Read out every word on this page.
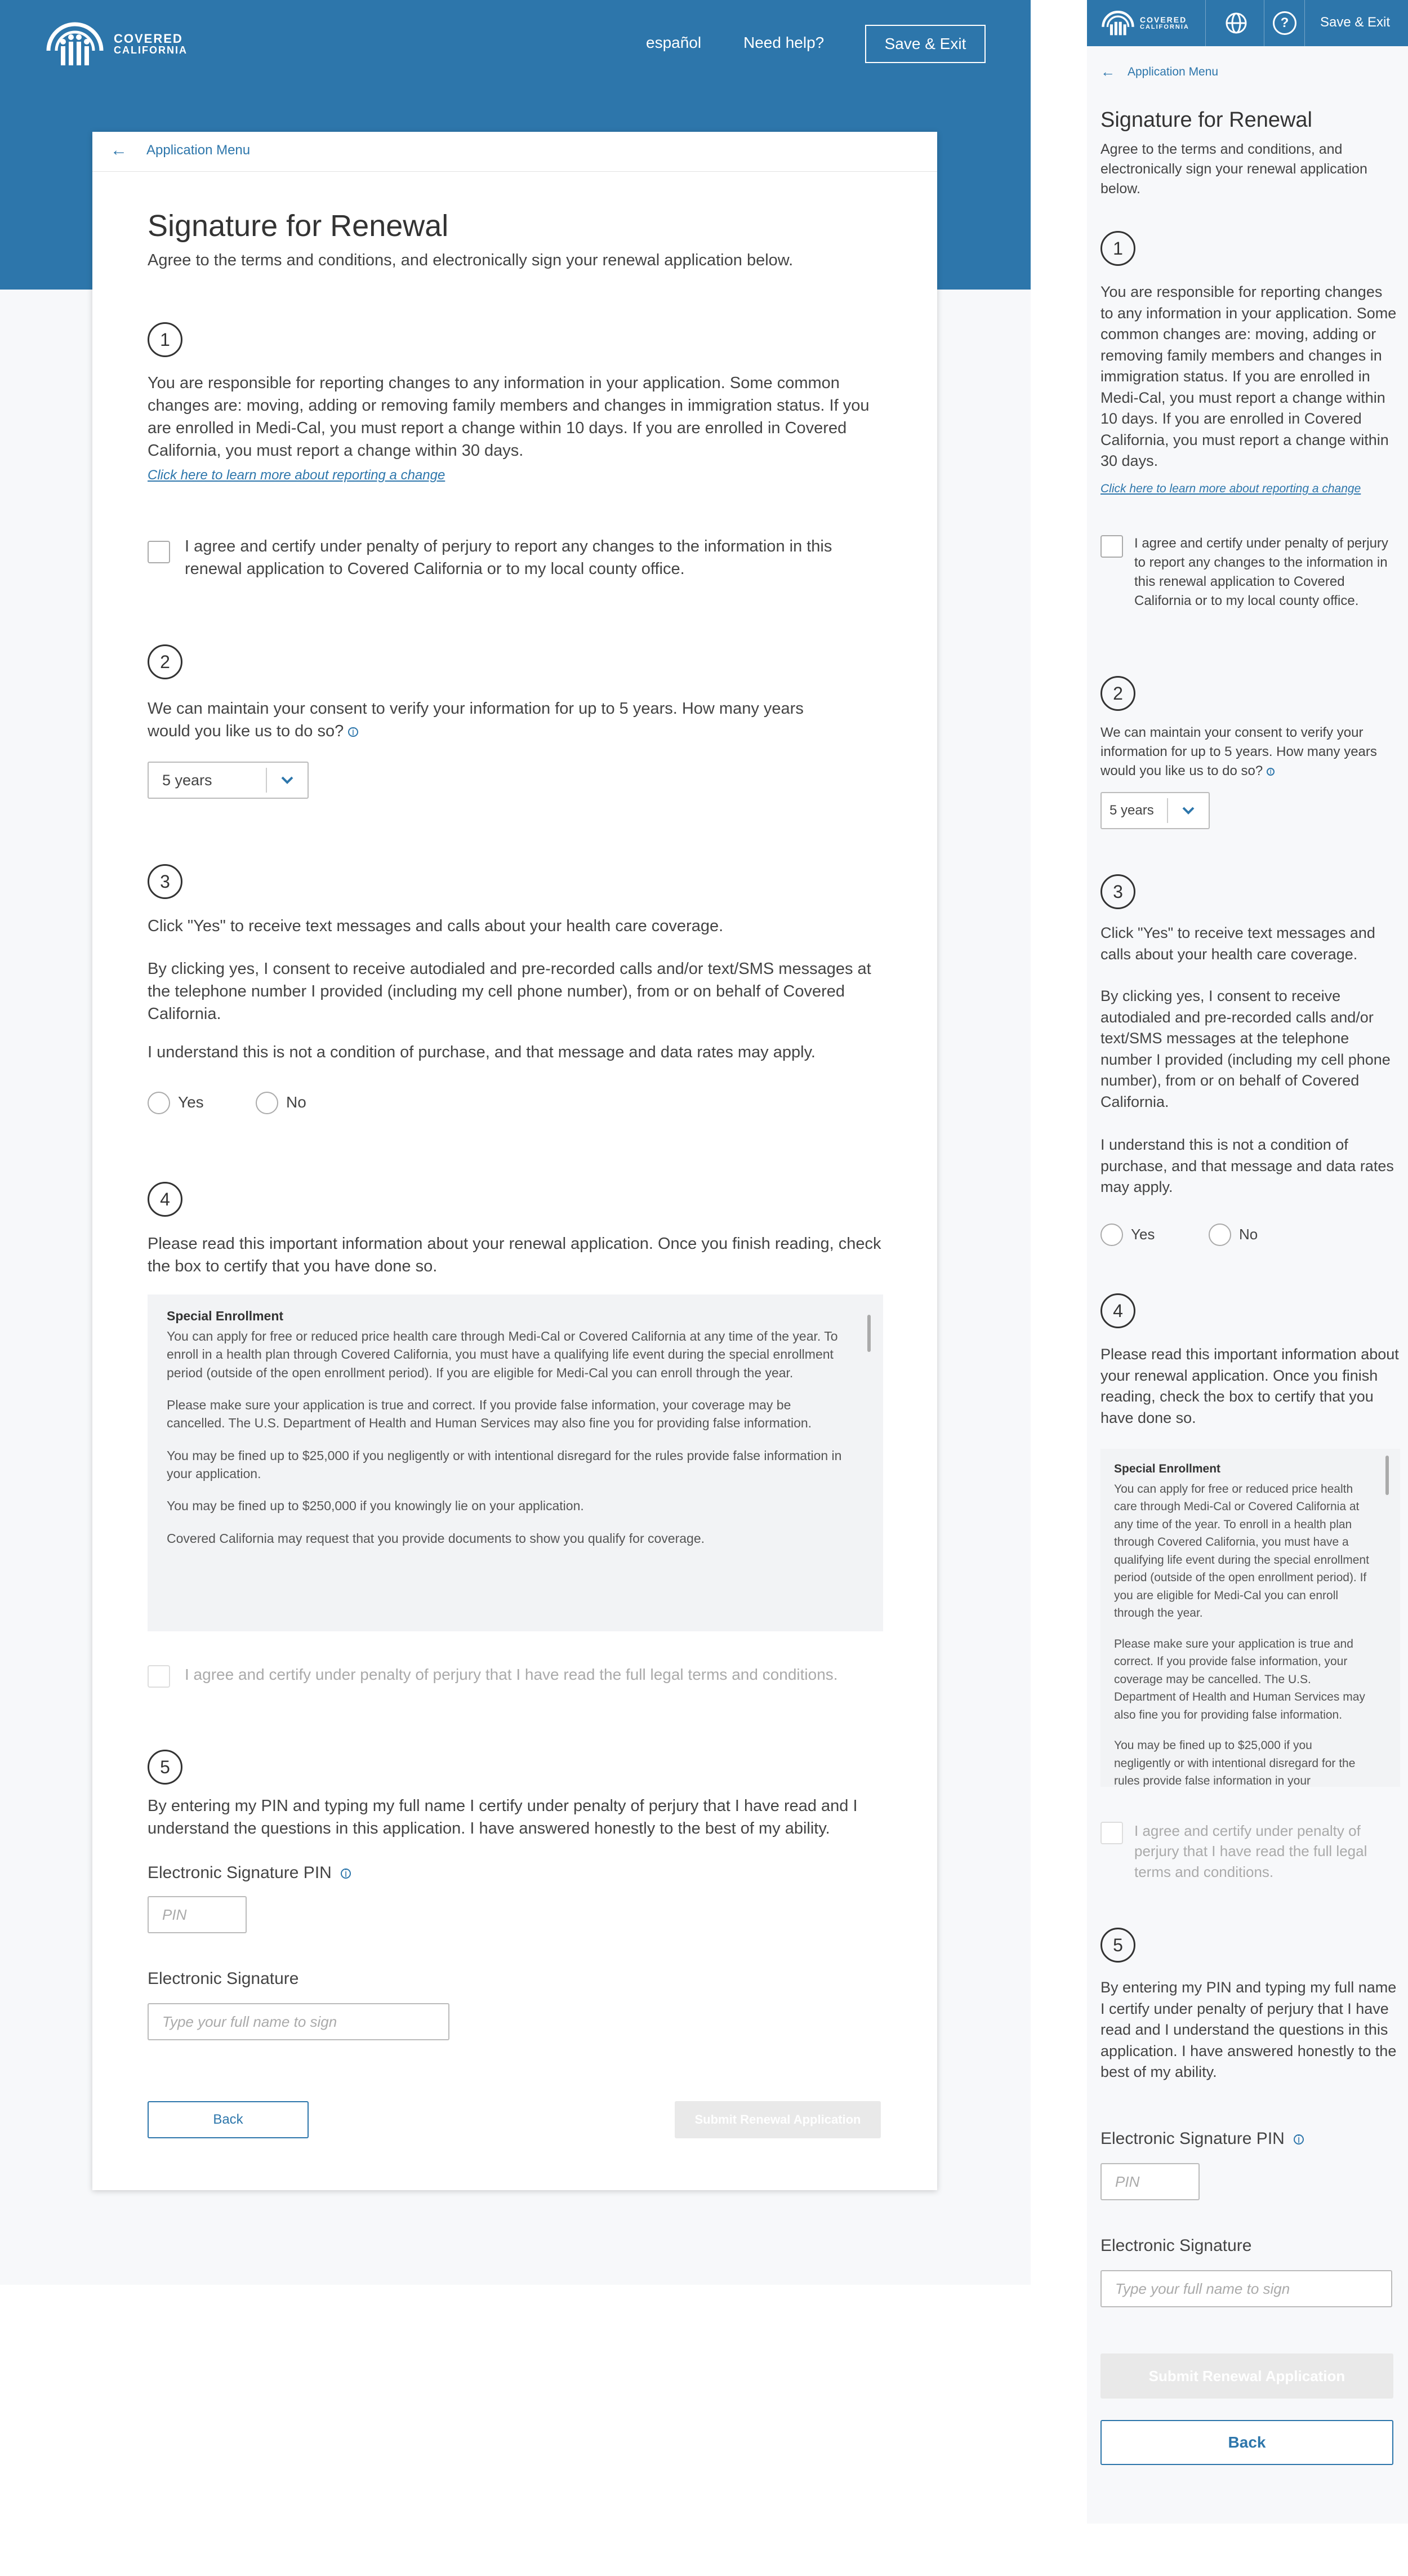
COVERED
CALIFORNIA	español	Need help?	Save & Exit
← Application Menu
Signature for Renewal
Agree to the terms and conditions, and electronically sign your renewal application below.
1
You are responsible for reporting changes to any information in your application. Some common changes are: moving, adding or removing family members and changes in immigration status. If you are enrolled in Medi-Cal, you must report a change within 10 days. If you are enrolled in Covered California, you must report a change within 30 days.
Click here to learn more about reporting a change
I agree and certify under penalty of perjury to report any changes to the information in this renewal application to Covered California or to my local county office.
2
We can maintain your consent to verify your information for up to 5 years. How many years would you like us to do so? i
5 years
3
Click "Yes" to receive text messages and calls about your health care coverage.
By clicking yes, I consent to receive autodialed and pre-recorded calls and/or text/SMS messages at the telephone number I provided (including my cell phone number), from or on behalf of Covered California.
I understand this is not a condition of purchase, and that message and data rates may apply.
Yes	No
4
Please read this important information about your renewal application. Once you finish reading, check the box to certify that you have done so.
Special Enrollment

You can apply for free or reduced price health care through Medi-Cal or Covered California at any time of the year. To enroll in a health plan through Covered California, you must have a qualifying life event during the special enrollment period (outside of the open enrollment period). If you are eligible for Medi-Cal you can enroll through the year.

Please make sure your application is true and correct. If you provide false information, your coverage may be cancelled. The U.S. Department of Health and Human Services may also fine you for providing false information.

You may be fined up to $25,000 if you negligently or with intentional disregard for the rules provide false information in your application.

You may be fined up to $250,000 if you knowingly lie on your application.

Covered California may request that you provide documents to show you qualify for coverage.

I agree and certify under penalty of perjury that I have read the full legal terms and conditions.
5
By entering my PIN and typing my full name I certify under penalty of perjury that I have read and I understand the questions in this application. I have answered honestly to the best of my ability.
Electronic Signature PIN i
PIN
Electronic Signature
Type your full name to sign
Back	Submit Renewal Application
COVERED
CALIFORNIA	?	Save & Exit
← Application Menu
Signature for Renewal
Agree to the terms and conditions, and electronically sign your renewal application below.
1
You are responsible for reporting changes to any information in your application. Some common changes are: moving, adding or removing family members and changes in immigration status. If you are enrolled in Medi-Cal, you must report a change within 10 days. If you are enrolled in Covered California, you must report a change within 30 days.
Click here to learn more about reporting a change
I agree and certify under penalty of perjury to report any changes to the information in this renewal application to Covered California or to my local county office.
2
We can maintain your consent to verify your information for up to 5 years. How many years would you like us to do so? i
5 years
3
Click "Yes" to receive text messages and calls about your health care coverage.
By clicking yes, I consent to receive autodialed and pre-recorded calls and/or text/SMS messages at the telephone number I provided (including my cell phone number), from or on behalf of Covered California.
I understand this is not a condition of purchase, and that message and data rates may apply.
Yes	No
4
Please read this important information about your renewal application. Once you finish reading, check the box to certify that you have done so.
Special Enrollment

You can apply for free or reduced price health care through Medi-Cal or Covered California at any time of the year. To enroll in a health plan through Covered California, you must have a qualifying life event during the special enrollment period (outside of the open enrollment period). If you are eligible for Medi-Cal you can enroll through the year.

Please make sure your application is true and correct. If you provide false information, your coverage may be cancelled. The U.S. Department of Health and Human Services may also fine you for providing false information.

You may be fined up to $25,000 if you negligently or with intentional disregard for the rules provide false information in your

I agree and certify under penalty of perjury that I have read the full legal terms and conditions.
5
By entering my PIN and typing my full name I certify under penalty of perjury that I have read and I understand the questions in this application. I have answered honestly to the best of my ability.
Electronic Signature PIN i
PIN
Electronic Signature
Type your full name to sign
Submit Renewal Application
Back
